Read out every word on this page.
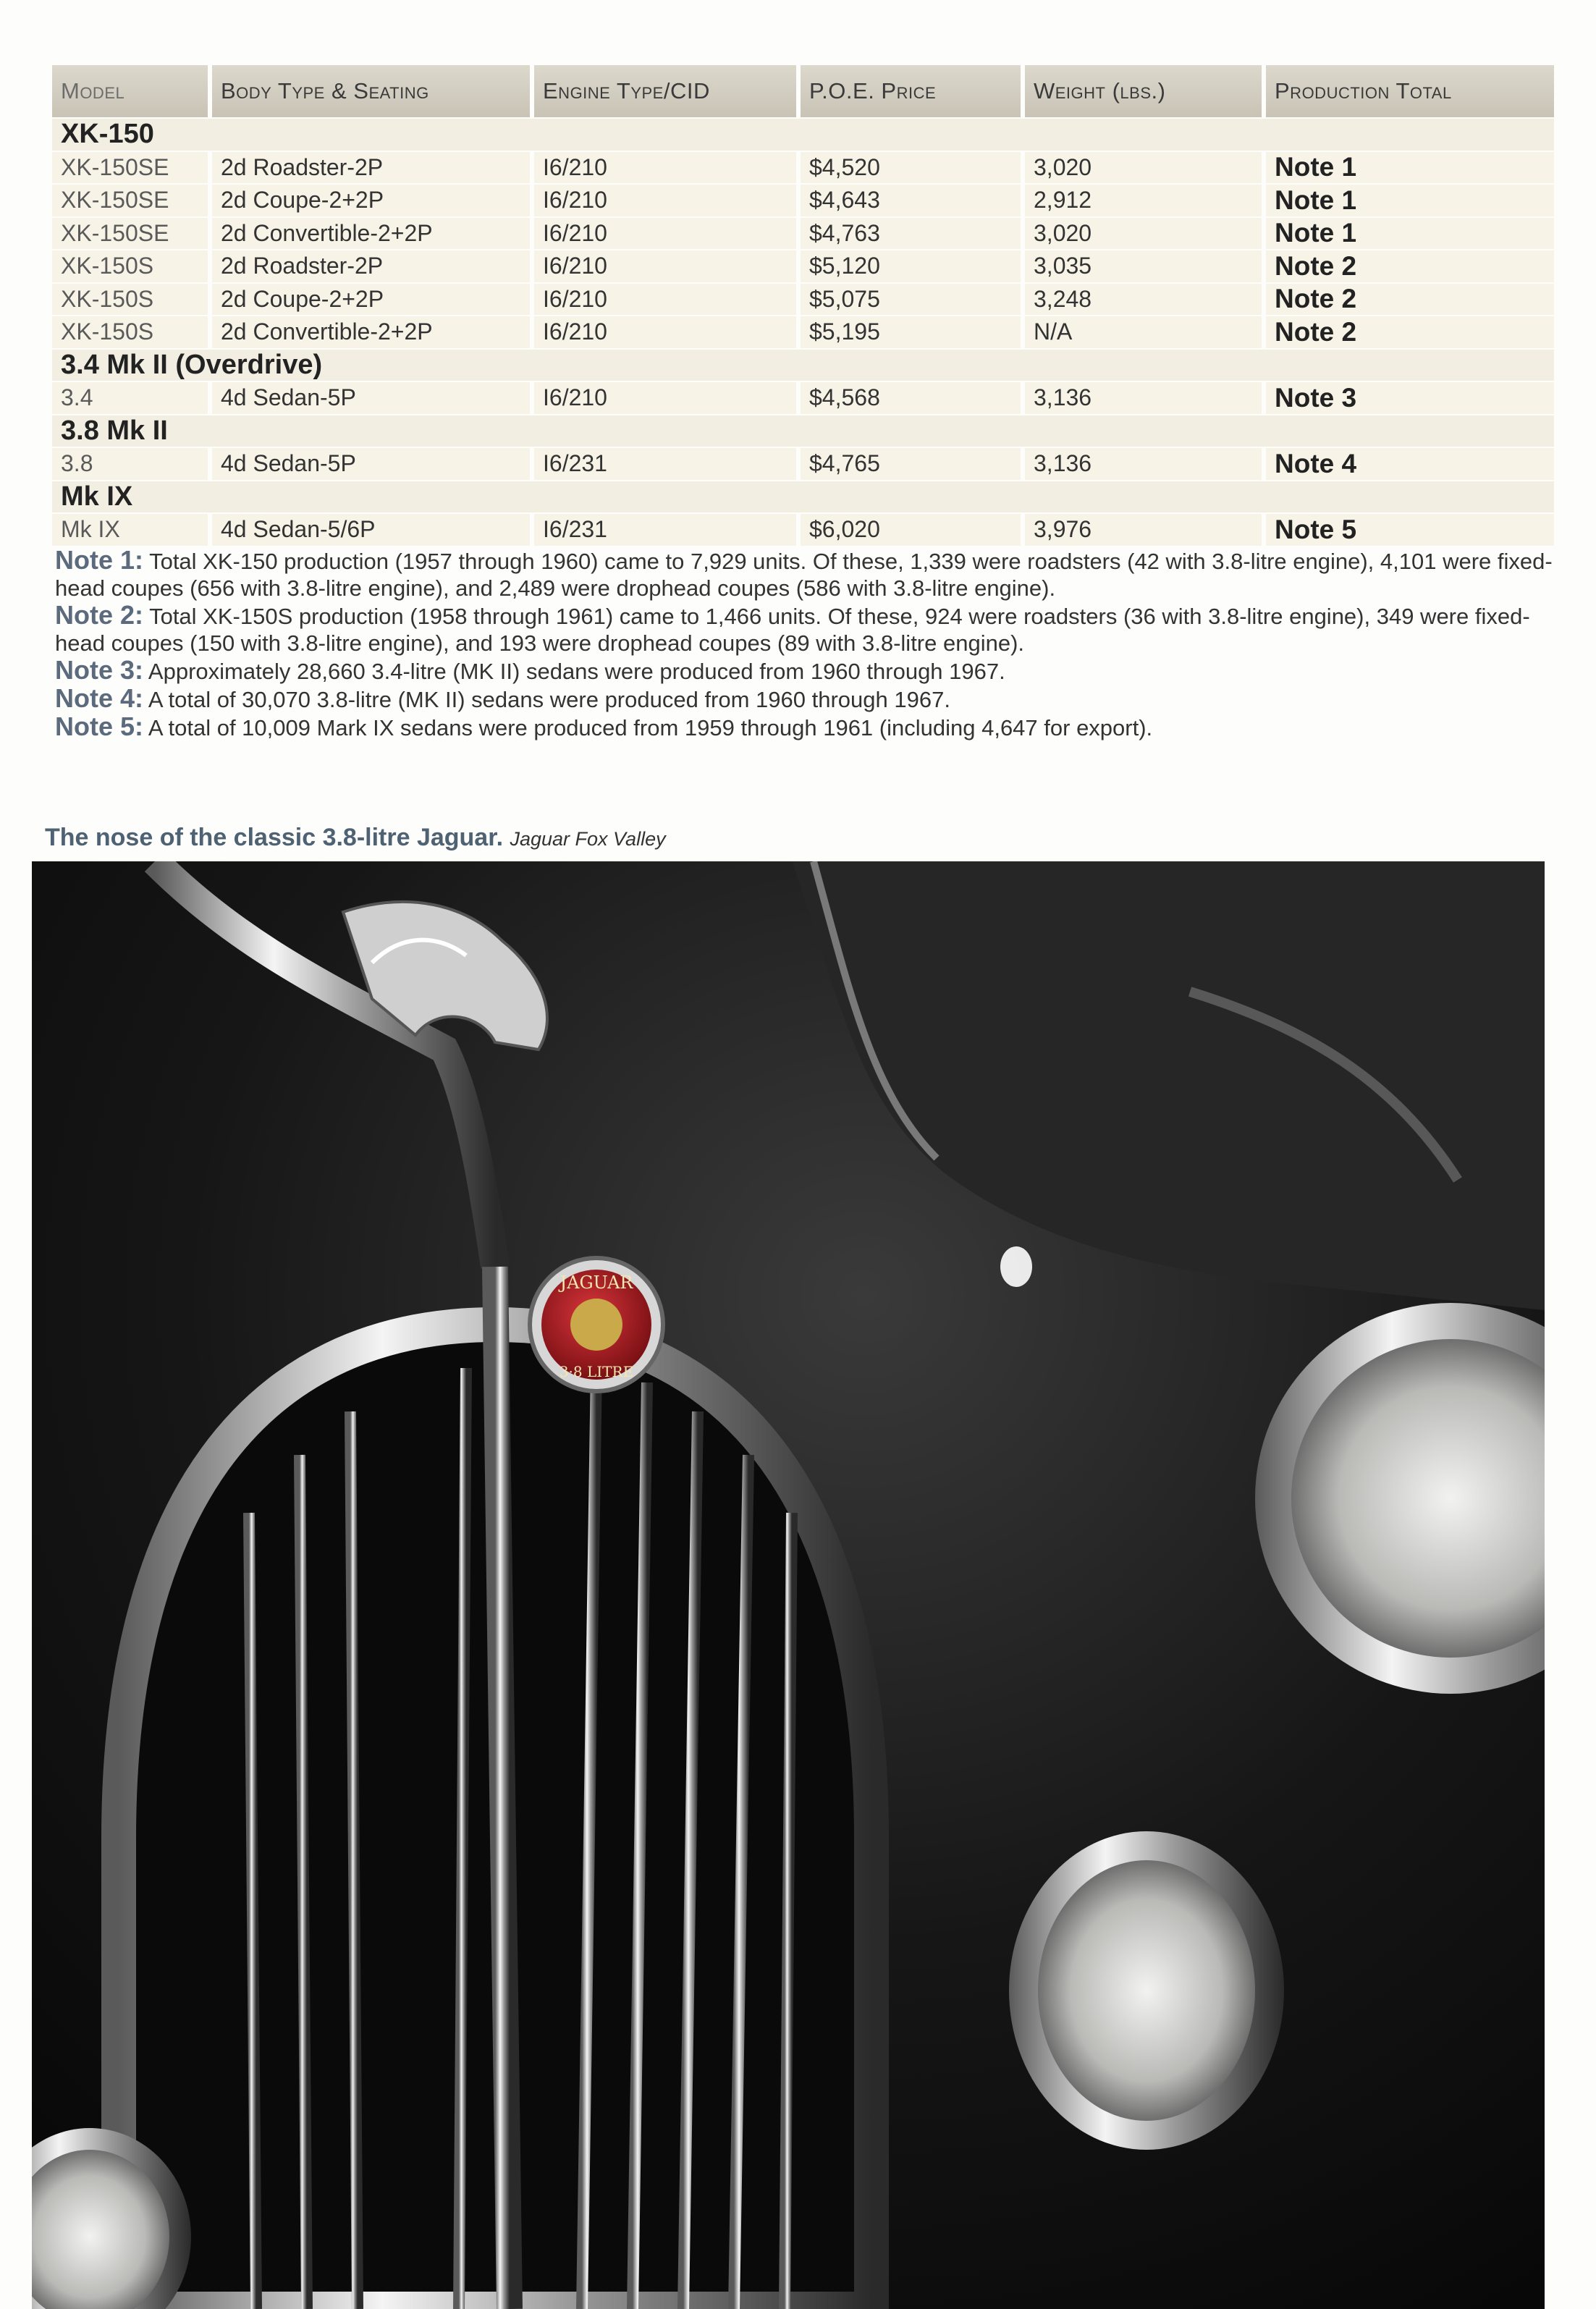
Model	Body Type & Seating	Engine Type/CID	P.O.E. Price	Weight (lbs.)	Production Total
XK-150					
XK-150SE	2d Roadster-2P	I6/210	$4,520	3,020	Note 1
XK-150SE	2d Coupe-2+2P	I6/210	$4,643	2,912	Note 1
XK-150SE	2d Convertible-2+2P	I6/210	$4,763	3,020	Note 1
XK-150S	2d Roadster-2P	I6/210	$5,120	3,035	Note 2
XK-150S	2d Coupe-2+2P	I6/210	$5,075	3,248	Note 2
XK-150S	2d Convertible-2+2P	I6/210	$5,195	N/A	Note 2
3.4 Mk II (Overdrive)					
3.4	4d Sedan-5P	I6/210	$4,568	3,136	Note 3
3.8 Mk II					
3.8	4d Sedan-5P	I6/231	$4,765	3,136	Note 4
Mk IX					
Mk IX	4d Sedan-5/6P	I6/231	$6,020	3,976	Note 5

Note 1: Total XK-150 production (1957 through 1960) came to 7,929 units. Of these, 1,339 were roadsters (42 with 3.8-litre engine), 4,101 were fixed-head coupes (656 with 3.8-litre engine), and 2,489 were drophead coupes (586 with 3.8-litre engine).

Note 2: Total XK-150S production (1958 through 1961) came to 1,466 units. Of these, 924 were roadsters (36 with 3.8-litre engine), 349 were fixed-head coupes (150 with 3.8-litre engine), and 193 were drophead coupes (89 with 3.8-litre engine).

Note 3: Approximately 28,660 3.4-litre (MK II) sedans were produced from 1960 through 1967.

Note 4: A total of 30,070 3.8-litre (MK II) sedans were produced from 1960 through 1967.

Note 5: A total of 10,009 Mark IX sedans were produced from 1959 through 1961 (including 4,647 for export).

The nose of the classic 3.8-litre Jaguar. Jaguar Fox Valley
JAGUAR
3·8 LITRE
